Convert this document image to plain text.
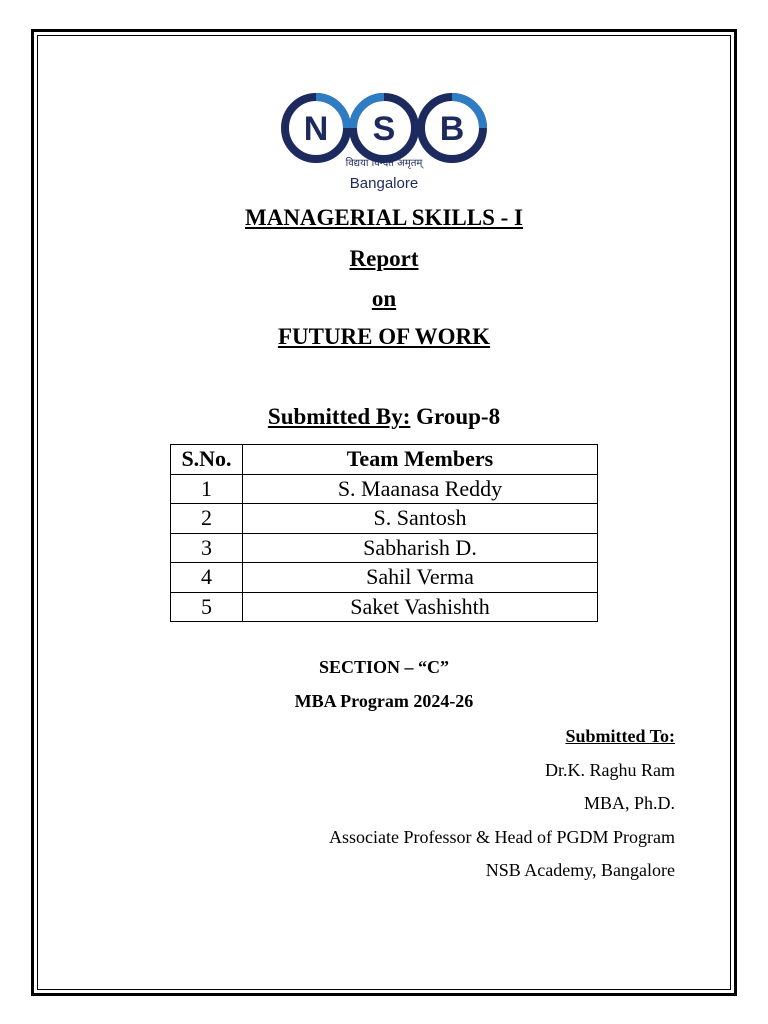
N S B
विद्यया विन्दते अमृतम्
Bangalore
MANAGERIAL SKILLS - I
Report
on
FUTURE OF WORK
Submitted By: Group-8
S.No.	Team Members
1	S. Maanasa Reddy
2	S. Santosh
3	Sabharish D.
4	Sahil Verma
5	Saket Vashishth
SECTION – “C”
MBA Program 2024-26
Submitted To:
Dr.K. Raghu Ram
MBA, Ph.D.
Associate Professor & Head of PGDM Program
NSB Academy, Bangalore
